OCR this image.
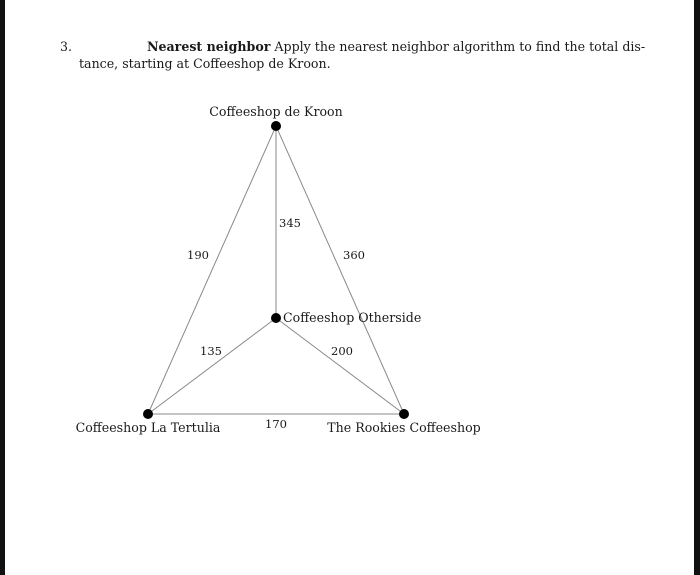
3.	Nearest neighbor Apply the nearest neighbor algorithm to find the total dis-
tance, starting at Coffeeshop de Kroon.
Coffeeshop de Kroon
Coffeeshop Otherside
Coffeeshop La Tertulia	The Rookies Coffeeshop
190
345
360
135	200
170
